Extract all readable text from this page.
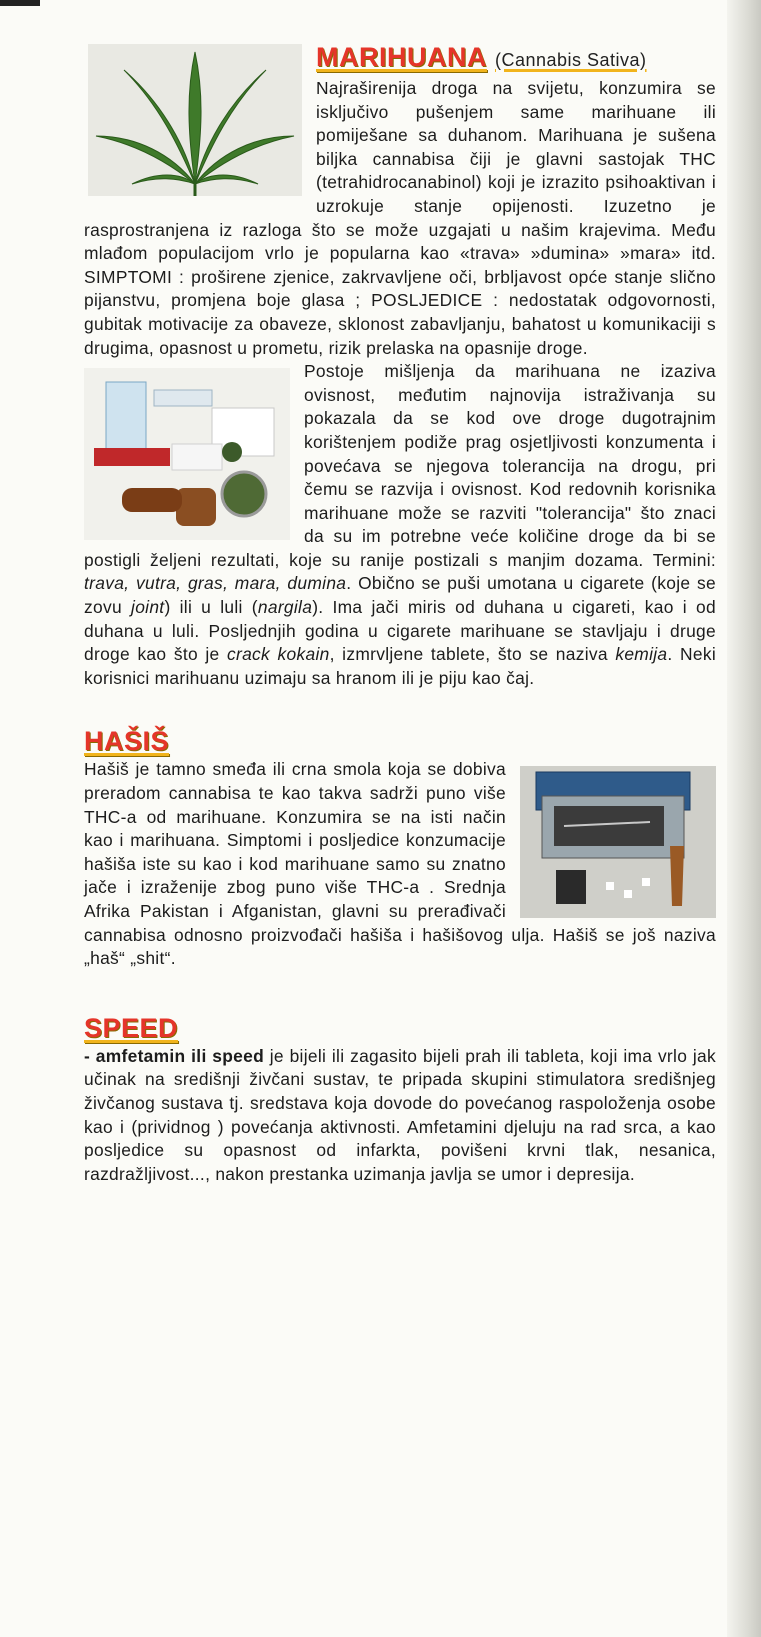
MARIHUANA (Cannabis Sativa)

Najraširenija droga na svijetu, konzumira se isključivo pušenjem same marihuane ili pomiješane sa duhanom. Marihuana je sušena biljka cannabisa čiji je glavni sastojak THC (tetrahidrocanabinol) koji je izrazito psihoaktivan i uzrokuje stanje opijenosti. Izuzetno je rasprostranjena iz razloga što se može uzgajati u našim krajevima. Među mlađom populacijom vrlo je popularna kao «trava» »dumina» »mara» itd. SIMPTOMI : proširene zjenice, zakrvavljene oči, brbljavost opće stanje slično pijanstvu, promjena boje glasa ; POSLJEDICE : nedostatak odgovornosti, gubitak motivacije za obaveze, sklonost zabavljanju, bahatost u komunikaciji s drugima, opasnost u prometu, rizik prelaska na opasnije droge.

Postoje mišljenja da marihuana ne izaziva ovisnost, međutim najnovija istraživanja su pokazala da se kod ove droge dugotrajnim korištenjem podiže prag osjetljivosti konzumenta i povećava se njegova tolerancija na drogu, pri čemu se razvija i ovisnost. Kod redovnih korisnika marihuane može se razviti "tolerancija" što znaci da su im potrebne veće količine droge da bi se postigli željeni rezultati, koje su ranije postizali s manjim dozama. Termini: trava, vutra, gras, mara, dumina. Obično se puši umotana u cigarete (koje se zovu joint) ili u luli (nargila). Ima jači miris od duhana u cigareti, kao i od duhana u luli. Posljednjih godina u cigarete marihuane se stavljaju i druge droge kao što je crack kokain, izmrvljene tablete, što se naziva kemija. Neki korisnici marihuanu uzimaju sa hranom ili je piju kao čaj.

HAŠIŠ

Hašiš je tamno smeđa ili crna smola koja se dobiva preradom cannabisa te kao takva sadrži puno više THC-a od marihuane. Konzumira se na isti način kao i marihuana. Simptomi i posljedice konzumacije hašiša iste su kao i kod marihuane samo su znatno jače i izraženije zbog puno više THC-a . Srednja Afrika Pakistan i Afganistan, glavni su prerađivači cannabisa odnosno proizvođači hašiša i hašišovog ulja. Hašiš se još naziva „haš“ „shit“.

SPEED

- amfetamin ili speed je bijeli ili zagasito bijeli prah ili tableta, koji ima vrlo jak učinak na središnji živčani sustav, te pripada skupini stimulatora središnjeg živčanog sustava tj. sredstava koja dovode do povećanog raspoloženja osobe kao i (prividnog ) povećanja aktivnosti. Amfetamini djeluju na rad srca, a kao posljedice su opasnost od infarkta, povišeni krvni tlak, nesanica, razdražljivost..., nakon prestanka uzimanja javlja se umor i depresija.
